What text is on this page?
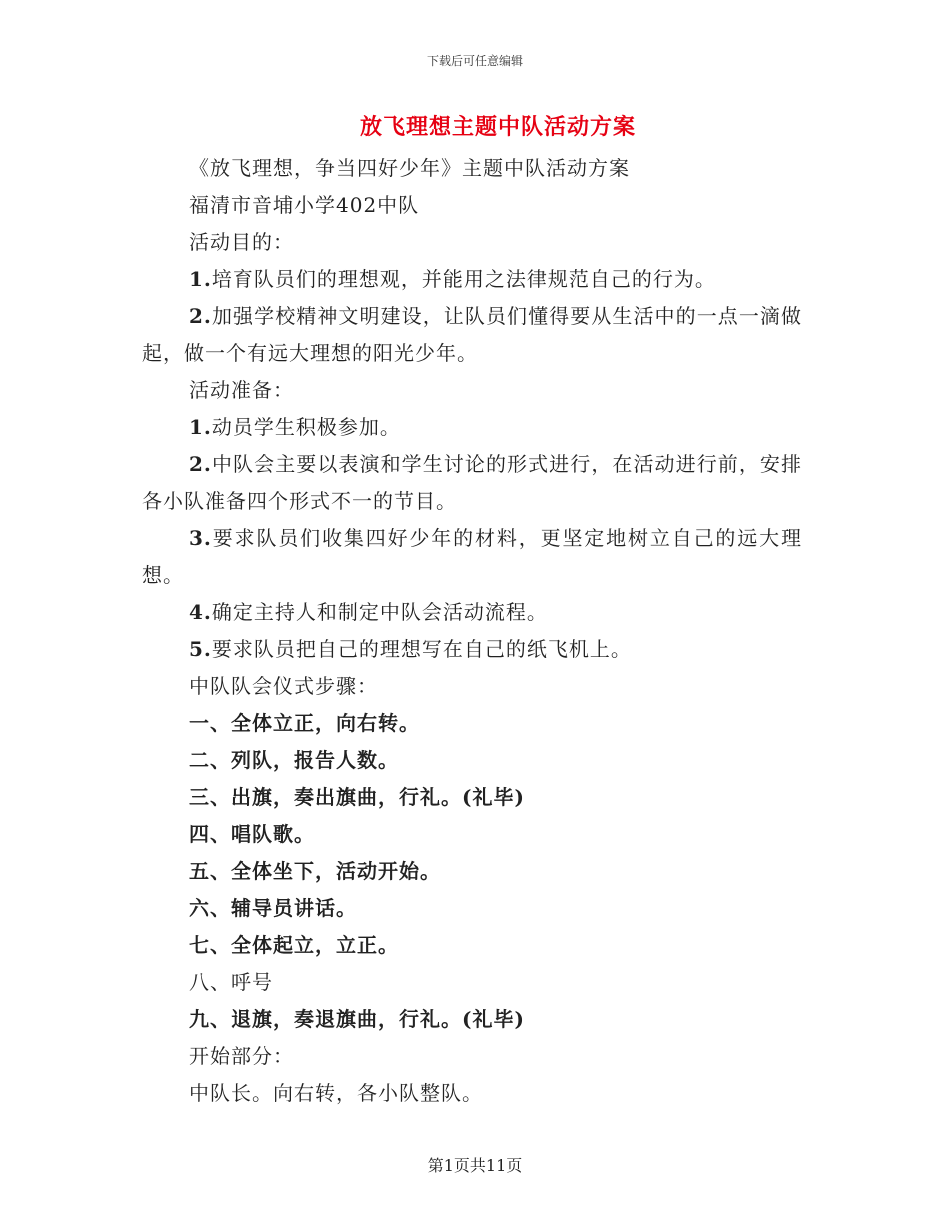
下载后可任意编辑
放飞理想主题中队活动方案

《放飞理想，争当四好少年》主题中队活动方案

福清市音埔小学402中队

活动目的：

1.培育队员们的理想观，并能用之法律规范自己的行为。

2.加强学校精神文明建设，让队员们懂得要从生活中的一点一滴做起，做一个有远大理想的阳光少年。

活动准备：

1.动员学生积极参加。

2.中队会主要以表演和学生讨论的形式进行，在活动进行前，安排各小队准备四个形式不一的节目。

3.要求队员们收集四好少年的材料，更坚定地树立自己的远大理想。

4.确定主持人和制定中队会活动流程。

5.要求队员把自己的理想写在自己的纸飞机上。

中队队会仪式步骤：

一、全体立正，向右转。

二、列队，报告人数。

三、出旗，奏出旗曲，行礼。(礼毕)

四、唱队歌。

五、全体坐下，活动开始。

六、辅导员讲话。

七、全体起立，立正。

八、呼号

九、退旗，奏退旗曲，行礼。(礼毕)

开始部分：

中队长。向右转，各小队整队。

第1页共11页
